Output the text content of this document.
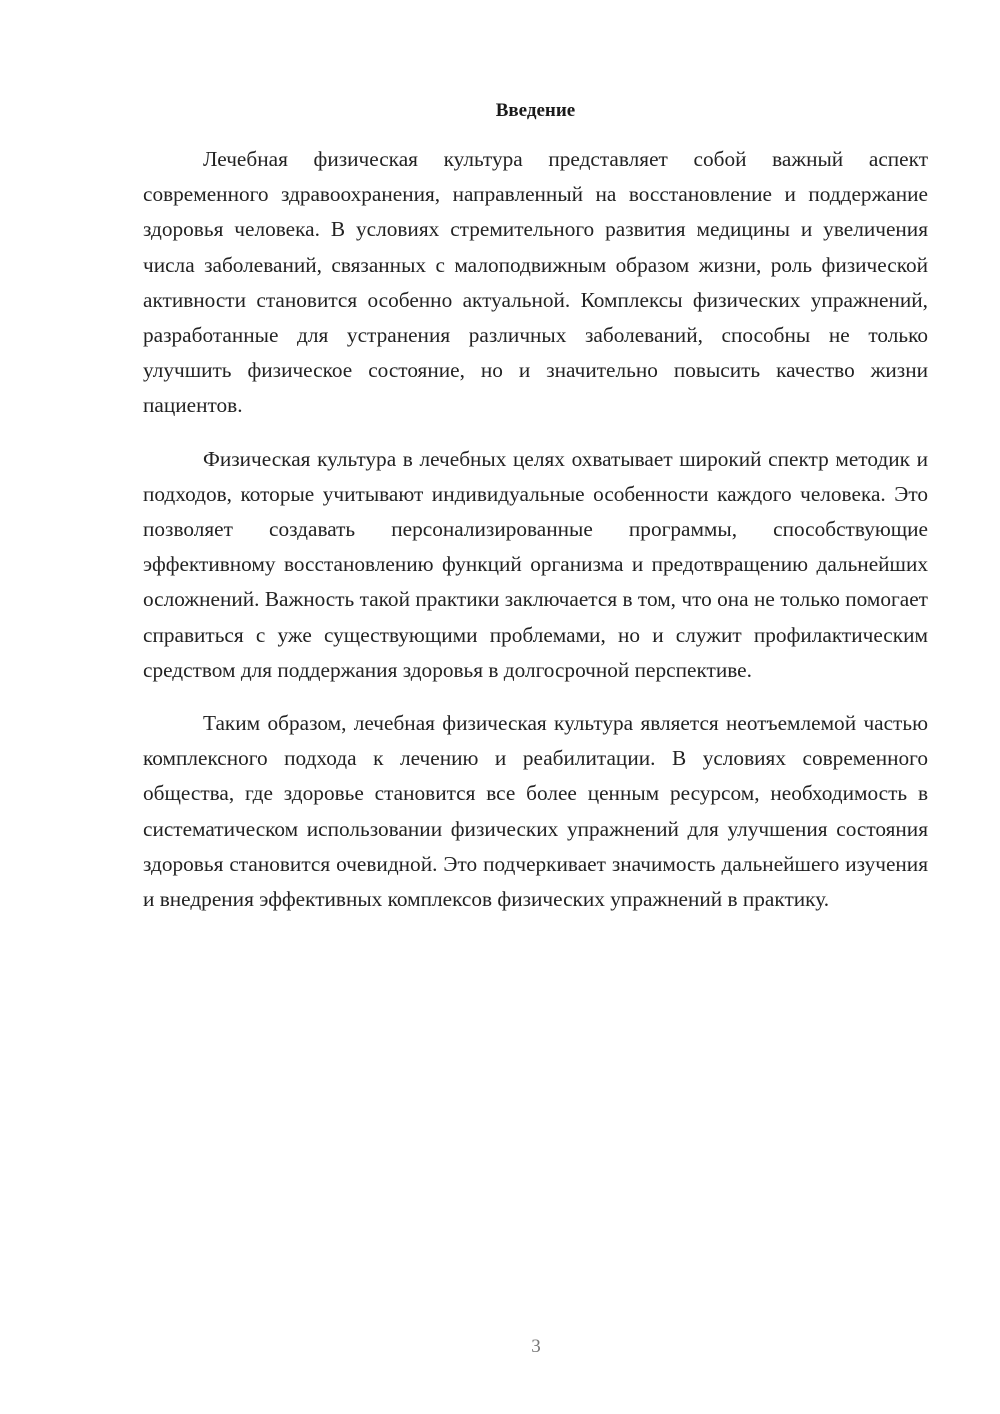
Введение

Лечебная физическая культура представляет собой важный аспект современного здравоохранения, направленный на восстановление и поддержание здоровья человека. В условиях стремительного развития медицины и увеличения числа заболеваний, связанных с малоподвижным образом жизни, роль физической активности становится особенно актуальной. Комплексы физических упражнений, разработанные для устранения различных заболеваний, способны не только улучшить физическое состояние, но и значительно повысить качество жизни пациентов.

Физическая культура в лечебных целях охватывает широкий спектр методик и подходов, которые учитывают индивидуальные особенности каждого человека. Это позволяет создавать персонализированные программы, способствующие эффективному восстановлению функций организма и предотвращению дальнейших осложнений. Важность такой практики заключается в том, что она не только помогает справиться с уже существующими проблемами, но и служит профилактическим средством для поддержания здоровья в долгосрочной перспективе.

Таким образом, лечебная физическая культура является неотъемлемой частью комплексного подхода к лечению и реабилитации. В условиях современного общества, где здоровье становится все более ценным ресурсом, необходимость в систематическом использовании физических упражнений для улучшения состояния здоровья становится очевидной. Это подчеркивает значимость дальнейшего изучения и внедрения эффективных комплексов физических упражнений в практику.

3
